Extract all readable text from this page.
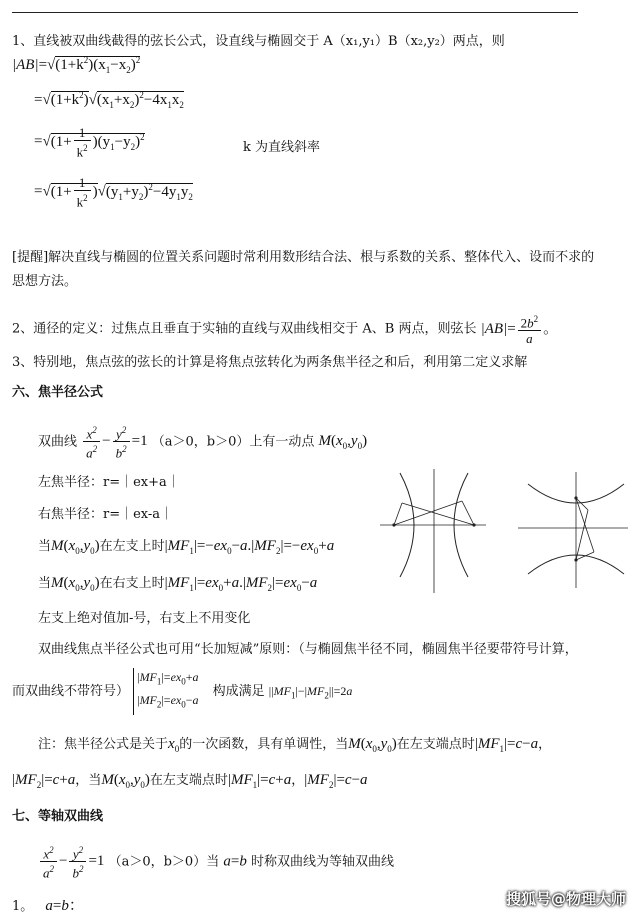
1、直线被双曲线截得的弦长公式，设直线与椭圆交于 A（x₁,y₁）B（x₂,y₂）两点，则
$|AB|=√(1+k^2)(x_1-x_2)^2$
$=√(1+k^2)√(x_1+x_2)^2-4x_1x_2$
$=√(1+ \frac{1}{k^2} )(y_1-y_2)^2$
k 为直线斜率
$=√(1+ \frac{1}{k^2} )√(y_1+y_2)^2-4y_1y_2$
[提醒]解决直线与椭圆的位置关系问题时常利用数形结合法、根与系数的关系、整体代入、设而不求的思想方法。
2、通径的定义：过焦点且垂直于实轴的直线与双曲线相交于 A、B 两点，则弦长 $|AB|= \frac{2b^2}{a}$ 。
3、特别地，焦点弦的弦长的计算是将焦点弦转化为两条焦半径之和后，利用第二定义求解
六、焦半径公式
双曲线 $\frac{x^2}{a^2} - \frac{y^2}{b^2} =1$ （a＞0，b＞0）上有一动点 $M(x_0,y_0)$
左焦半径：r=｜ex+a｜
右焦半径：r=｜ex-a｜
当$M(x_0,y_0)$在左支上时$|MF_1|=-ex_0-a.|MF_2|=-ex_0+a$
当$M(x_0,y_0)$在右支上时$|MF_1|=ex_0+a.|MF_2|=ex_0-a$
左支上绝对值加-号，右支上不用变化
双曲线焦点半径公式也可用“长加短减”原则：（与椭圆焦半径不同，椭圆焦半径要带符号计算，
而双曲线不带符号） $|MF_1|=ex_0+a$
$|MF_2|=ex_0-a$ 构成满足 $||MF_1|-|MF_2||=2a$
注：焦半径公式是关于$x_0$的一次函数，具有单调性，当$M(x_0,y_0)$在左支端点时$|MF_1|=c-a$，
$|MF_2|=c+a$，当$M(x_0,y_0)$在左支端点时$|MF_1|=c+a$，$|MF_2|=c-a$
七、等轴双曲线
$\frac{x^2}{a^2} - \frac{y^2}{b^2} =1$ （a＞0，b＞0）当 a=b 时称双曲线为等轴双曲线
1。 a=b：	搜狐号@物理大师
